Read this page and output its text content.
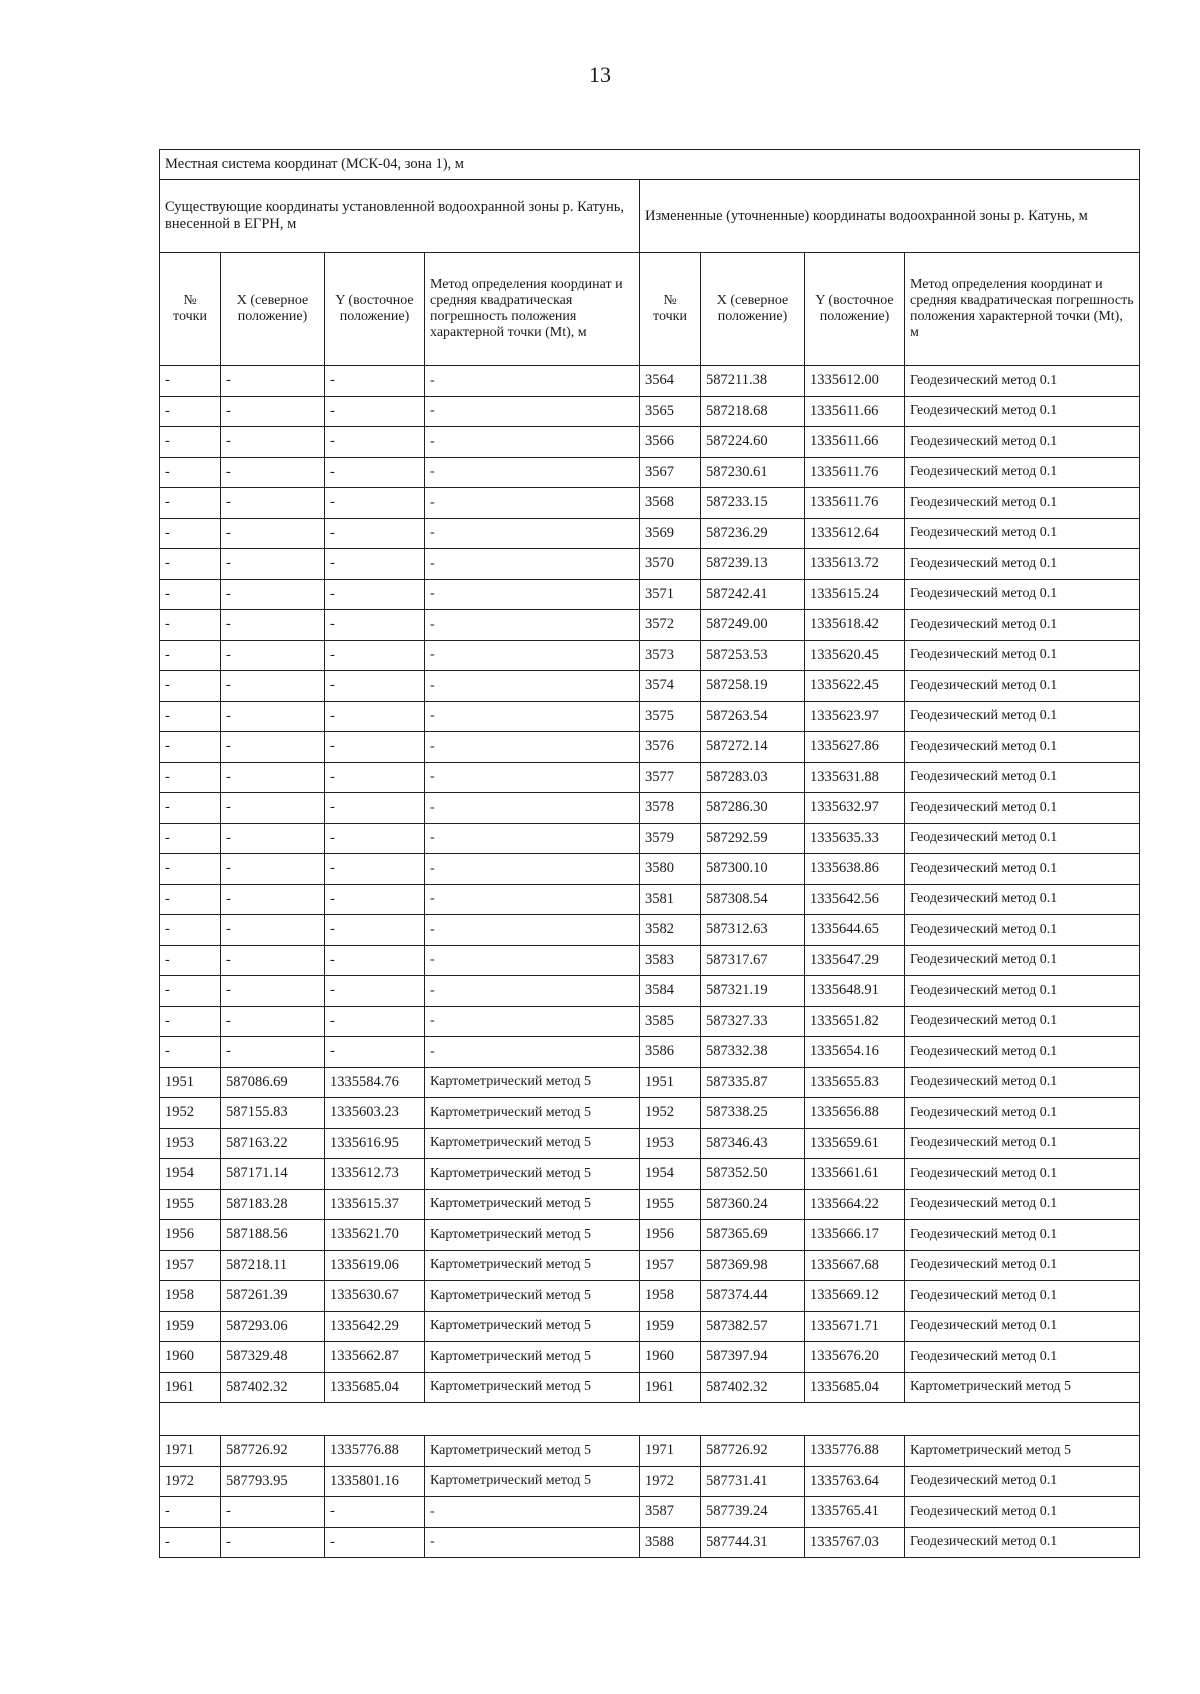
13
Местная система координат (МСК-04, зона 1), м							
Существующие координаты установленной водоохранной зоны р. Катунь, внесенной в ЕГРН, м				Измененные (уточненные) координаты водоохранной зоны р. Катунь, м			
№ точки	X (северное положение)	Y (восточное положение)	Метод определения координат и средняя квадратическая погрешность положения характерной точки (Mt), м	№ точки	X (северное положение)	Y (восточное положение)	Метод определения координат и средняя квадратическая погрешность положения характерной точки (Mt), м
-	-	-	-	3564	587211.38	1335612.00	Геодезический метод 0.1
-	-	-	-	3565	587218.68	1335611.66	Геодезический метод 0.1
-	-	-	-	3566	587224.60	1335611.66	Геодезический метод 0.1
-	-	-	-	3567	587230.61	1335611.76	Геодезический метод 0.1
-	-	-	-	3568	587233.15	1335611.76	Геодезический метод 0.1
-	-	-	-	3569	587236.29	1335612.64	Геодезический метод 0.1
-	-	-	-	3570	587239.13	1335613.72	Геодезический метод 0.1
-	-	-	-	3571	587242.41	1335615.24	Геодезический метод 0.1
-	-	-	-	3572	587249.00	1335618.42	Геодезический метод 0.1
-	-	-	-	3573	587253.53	1335620.45	Геодезический метод 0.1
-	-	-	-	3574	587258.19	1335622.45	Геодезический метод 0.1
-	-	-	-	3575	587263.54	1335623.97	Геодезический метод 0.1
-	-	-	-	3576	587272.14	1335627.86	Геодезический метод 0.1
-	-	-	-	3577	587283.03	1335631.88	Геодезический метод 0.1
-	-	-	-	3578	587286.30	1335632.97	Геодезический метод 0.1
-	-	-	-	3579	587292.59	1335635.33	Геодезический метод 0.1
-	-	-	-	3580	587300.10	1335638.86	Геодезический метод 0.1
-	-	-	-	3581	587308.54	1335642.56	Геодезический метод 0.1
-	-	-	-	3582	587312.63	1335644.65	Геодезический метод 0.1
-	-	-	-	3583	587317.67	1335647.29	Геодезический метод 0.1
-	-	-	-	3584	587321.19	1335648.91	Геодезический метод 0.1
-	-	-	-	3585	587327.33	1335651.82	Геодезический метод 0.1
-	-	-	-	3586	587332.38	1335654.16	Геодезический метод 0.1
1951	587086.69	1335584.76	Картометрический метод 5	1951	587335.87	1335655.83	Геодезический метод 0.1
1952	587155.83	1335603.23	Картометрический метод 5	1952	587338.25	1335656.88	Геодезический метод 0.1
1953	587163.22	1335616.95	Картометрический метод 5	1953	587346.43	1335659.61	Геодезический метод 0.1
1954	587171.14	1335612.73	Картометрический метод 5	1954	587352.50	1335661.61	Геодезический метод 0.1
1955	587183.28	1335615.37	Картометрический метод 5	1955	587360.24	1335664.22	Геодезический метод 0.1
1956	587188.56	1335621.70	Картометрический метод 5	1956	587365.69	1335666.17	Геодезический метод 0.1
1957	587218.11	1335619.06	Картометрический метод 5	1957	587369.98	1335667.68	Геодезический метод 0.1
1958	587261.39	1335630.67	Картометрический метод 5	1958	587374.44	1335669.12	Геодезический метод 0.1
1959	587293.06	1335642.29	Картометрический метод 5	1959	587382.57	1335671.71	Геодезический метод 0.1
1960	587329.48	1335662.87	Картометрический метод 5	1960	587397.94	1335676.20	Геодезический метод 0.1
1961	587402.32	1335685.04	Картометрический метод 5	1961	587402.32	1335685.04	Картометрический метод 5

1971	587726.92	1335776.88	Картометрический метод 5	1971	587726.92	1335776.88	Картометрический метод 5
1972	587793.95	1335801.16	Картометрический метод 5	1972	587731.41	1335763.64	Геодезический метод 0.1
-	-	-	-	3587	587739.24	1335765.41	Геодезический метод 0.1
-	-	-	-	3588	587744.31	1335767.03	Геодезический метод 0.1
